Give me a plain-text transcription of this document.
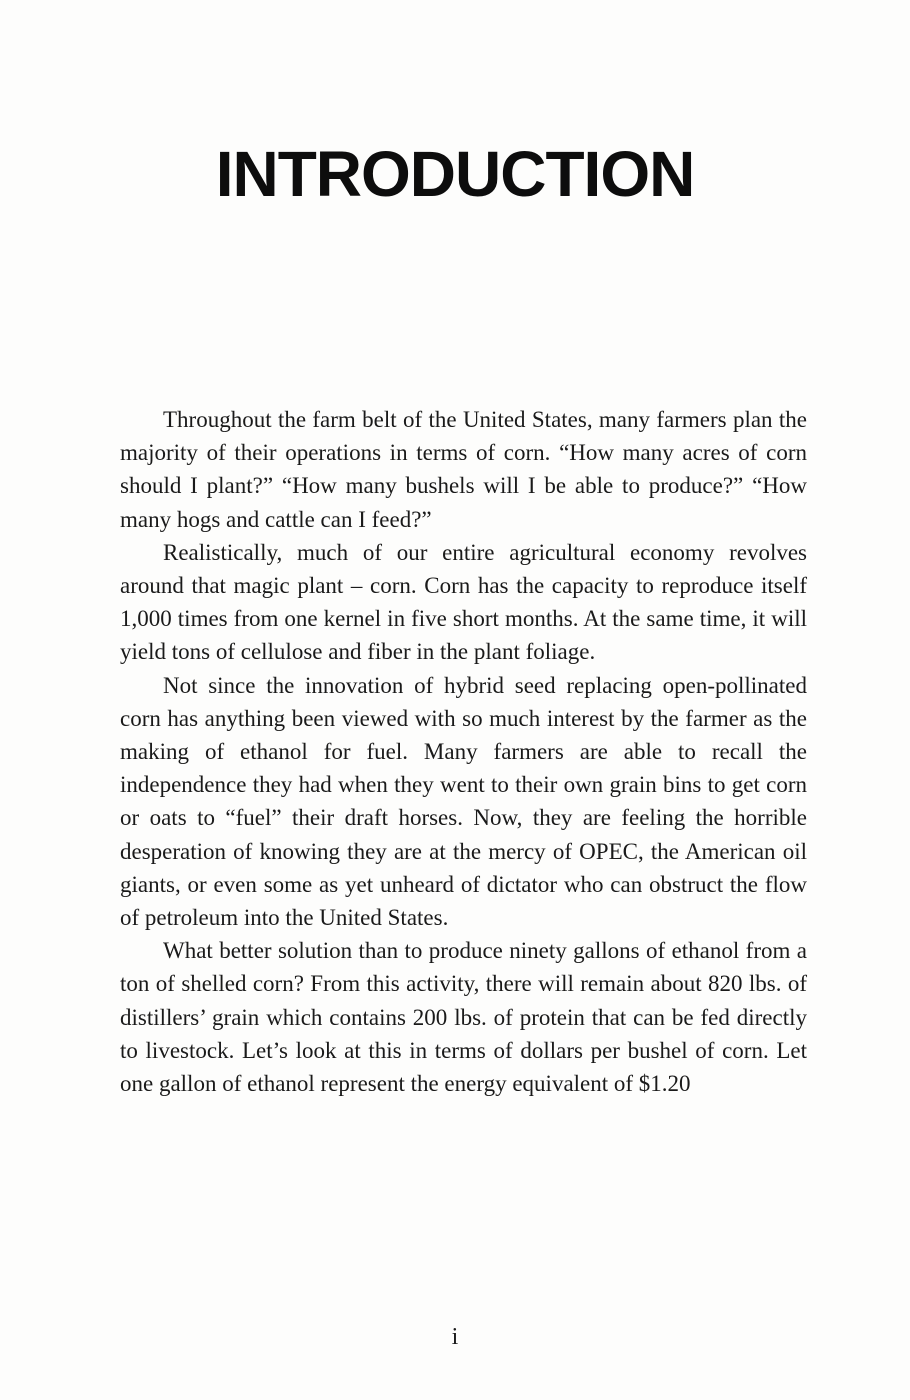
INTRODUCTION

Throughout the farm belt of the United States, many farmers plan the majority of their operations in terms of corn. “How many acres of corn should I plant?” “How many bushels will I be able to produce?” “How many hogs and cattle can I feed?”

Realistically, much of our entire agricultural economy revolves around that magic plant – corn. Corn has the capacity to reproduce itself 1,000 times from one kernel in five short months. At the same time, it will yield tons of cellulose and fiber in the plant foliage.

Not since the innovation of hybrid seed replacing open-pollinated corn has anything been viewed with so much interest by the farmer as the making of ethanol for fuel. Many farmers are able to recall the independence they had when they went to their own grain bins to get corn or oats to “fuel” their draft horses. Now, they are feeling the horrible desperation of knowing they are at the mercy of OPEC, the American oil giants, or even some as yet unheard of dictator who can obstruct the flow of petroleum into the United States.

What better solution than to produce ninety gallons of ethanol from a ton of shelled corn? From this activity, there will remain about 820 lbs. of distillers’ grain which contains 200 lbs. of protein that can be fed directly to livestock. Let’s look at this in terms of dollars per bushel of corn. Let one gallon of ethanol represent the energy equivalent of $1.20

i
